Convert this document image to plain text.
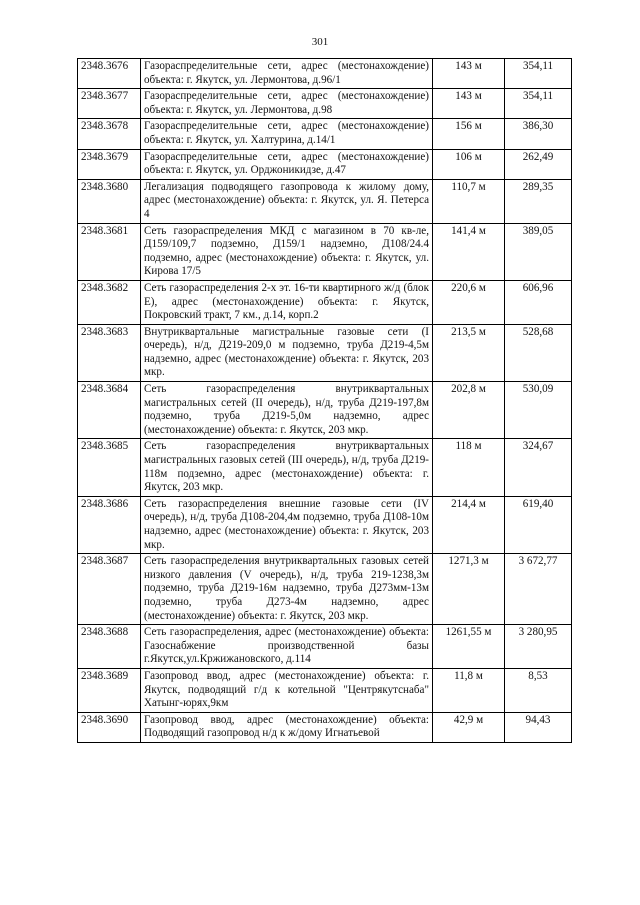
301
2348.3676	Газораспределительные сети, адрес (местонахождение) объекта: г. Якутск, ул. Лермонтова, д.96/1	143 м	354,11
2348.3677	Газораспределительные сети, адрес (местонахождение) объекта: г. Якутск, ул. Лермонтова, д.98	143 м	354,11
2348.3678	Газораспределительные сети, адрес (местонахождение) объекта: г. Якутск, ул. Халтурина, д.14/1	156 м	386,30
2348.3679	Газораспределительные сети, адрес (местонахождение) объекта: г. Якутск, ул. Орджоникидзе, д.47	106 м	262,49
2348.3680	Легализация подводящего газопровода к жилому дому, адрес (местонахождение) объекта: г. Якутск, ул. Я. Петерса 4	110,7 м	289,35
2348.3681	Сеть газораспределения МКД с магазином в 70 кв-ле, Д159/109,7 подземно, Д159/1 надземно, Д108/24.4 подземно, адрес (местонахождение) объекта: г. Якутск, ул. Кирова 17/5	141,4 м	389,05
2348.3682	Сеть газораспределения 2-х эт. 16-ти квартирного ж/д (блок Е), адрес (местонахождение) объекта: г. Якутск, Покровский тракт, 7 км., д.14, корп.2	220,6 м	606,96
2348.3683	Внутриквартальные магистральные газовые сети (I очередь), н/д, Д219-209,0 м подземно, труба Д219-4,5м надземно, адрес (местонахождение) объекта: г. Якутск, 203 мкр.	213,5 м	528,68
2348.3684	Сеть газораспределения внутриквартальных магистральных сетей (II очередь), н/д, труба Д219-197,8м подземно, труба Д219-5,0м надземно, адрес (местонахождение) объекта: г. Якутск, 203 мкр.	202,8 м	530,09
2348.3685	Сеть газораспределения внутриквартальных магистральных газовых сетей (III очередь), н/д, труба Д219-118м подземно, адрес (местонахождение) объекта: г. Якутск, 203 мкр.	118 м	324,67
2348.3686	Сеть газораспределения внешние газовые сети (IV очередь), н/д, труба Д108-204,4м подземно, труба Д108-10м надземно, адрес (местонахождение) объекта: г. Якутск, 203 мкр.	214,4 м	619,40
2348.3687	Сеть газораспределения внутриквартальных газовых сетей низкого давления (V очередь), н/д, труба 219-1238,3м подземно, труба Д219-16м надземно, труба Д273мм-13м подземно, труба Д273-4м надземно, адрес (местонахождение) объекта: г. Якутск, 203 мкр.	1271,3 м	3 672,77
2348.3688	Сеть газораспределения, адрес (местонахождение) объекта: Газоснабжение производственной базы г.Якутск,ул.Кржижановского, д.114	1261,55 м	3 280,95
2348.3689	Газопровод ввод, адрес (местонахождение) объекта: г. Якутск, подводящий г/д к котельной "Центрякутснаба" Хатынг-юрях,9км	11,8 м	8,53
2348.3690	Газопровод ввод, адрес (местонахождение) объекта: Подводящий газопровод н/д к ж/дому Игнатьевой	42,9 м	94,43
